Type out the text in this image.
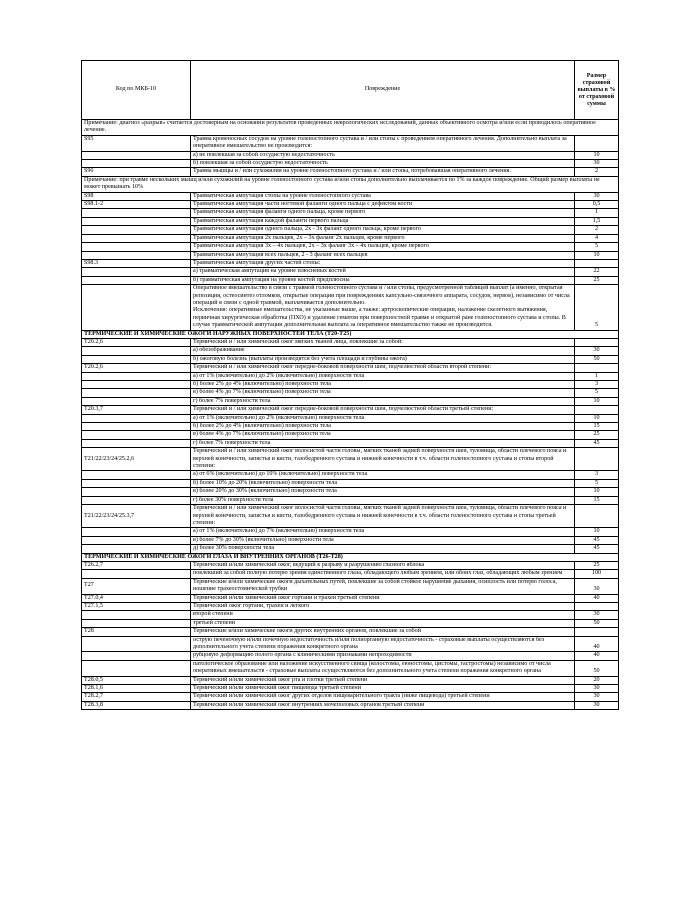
Код по МКБ-10	Повреждение	Размер страховой выплаты в % от страховой суммы
Примечание: диагноз «разрыв» считается достоверным на основании результатов проведенных неврологических исследований, данных объективного осмотра и/или если проводилось оперативное лечение.		
S95	Травма кровеносных сосудов на уровне голеностопного сустава и / или стопы с проведением оперативного лечения. Дополнительно выплата за оперативное вмешательство не производится:	
	а) не повлекшая за собой сосудистую недостаточность	10
	б) повлекшая за собой сосудистую недостаточность	30
S96	Травма мышцы и / или сухожилия на уровне голеностопного сустава и / или стопы, потребовавшая оперативного лечения.	2
Примечание: при травме нескольких мышц и/или сухожилий на уровне голеностопного сустава и/или стопы дополнительно выплачивается по 1% за каждое повреждение. Общий размер выплаты не может превышать 10%		
S98	Травматическая ампутация стопы на уровне голеностопного сустава	30
S98.1-2	Травматическая ампутация части ногтевой фаланги одного пальца с дефектом кости	0,5
	Травматическая ампутация фаланги одного пальца, кроме первого	1
	Травматическая ампутация каждой фаланги первого пальца	1,5
	Травматическая ампутация одного пальца, 2х - 3х фаланг одного пальца, кроме первого	2
	Травматическая ампутация 2х пальцев, 2х – 3х фаланг 2х пальцев, кроме первого	4
	Травматическая ампутация 3х – 4х пальцев, 2х – 3х фаланг 3х – 4х пальцев, кроме первого	5
	Травматическая ампутация всех пальцев, 2 - 3 фаланг всех пальцев	10
S98.3	Травматическая ампутация других частей стопы:	
	а) травматическая ампутация на уровне плюсневых костей	22
	б) травматическая ампутация на уровне костей предплюсны	25
	Оперативное вмешательство в связи с травмой голеностопного сустава и / или стопы, предусмотренной таблицей выплат (а именно, открытая репозиция, остеосинтез отломков, открытые операции при повреждениях капсульно-связочного аппарата, сосудов, нервов), независимо от числа операций в связи с одной травмой, выплачивается дополнительно.
Исключения: оперативные вмешательства, не указанные выше, а также: артроскопические операции, наложение скелетного вытяжения, первичная хирургическая обработка (ПХО) и удаление гематом при поверхностной травме и открытой ране голеностопного сустава и стопы. В случае травматической ампутации дополнительная выплата за оперативное вмешательство также не производится.	5
ТЕРМИЧЕСКИЕ И ХИМИЧЕСКИЕ ОЖОГИ НАРУЖНЫХ ПОВЕРХНОСТЕЙ ТЕЛА (Т20-Т25)		
Т20.2,6	Термический и / или химический ожог мягких тканей лица, повлекшие за собой:	
	а) обезображивание	30
	б) ожоговую болезнь (выплаты производятся без учета площади и глубины ожога)	50
Т20.2,6	Термический и / или химический ожог передне-боковой поверхности шеи, подчелюстной области второй степени:	
	а) от 1% (включительно) до 2% (включительно) поверхности тела	1
	б) более 2% до 4% (включительно) поверхности тела	3
	в) более 4% до 7% (включительно) поверхности тела	5
	г) более 7% поверхности тела	10
Т20.3,7	Термический и / или химический ожог передне-боковой поверхности шеи, подчелюстной области третьей степени:	
	а) от 1% (включительно) до 2% (включительно) поверхности тела	10
	б) более 2% до 4% (включительно) поверхности тела	15
	в) более 4% до 7% (включительно) поверхности тела	25
	г) более 7% поверхности тела	45
Т21/22/23/24/25.2,6	Термический и / или химический ожог волосистой части головы, мягких тканей задней поверхности шеи, туловища, области плечевого пояса и верхней конечности, запястья и кисти, тазобедренного сустава и нижней конечности в т.ч. области голеностопного сустава и стопы второй степени:	
	а) от 6% (включительно) до 10% (включительно) поверхности тела	3
	б) более 10% до 20% (включительно) поверхности тела	5
	в) более 20% до 30% (включительно) поверхности тела	10
	г) более 30% поверхности тела	15
Т21/22/23/24/25.3,7	Термический и / или химический ожог волосистой части головы, мягких тканей задней поверхности шеи, туловища, области плечевого пояса и верхней конечности, запястья и кисти, тазобедренного сустава и нижней конечности в т.ч. области голеностопного сустава и стопы третьей степени:	
	а) от 1% (включительно) до 7% (включительно) поверхности тела	10
	в) более 7% до 30% (включительно) поверхности тела	45
	д) более 30% поверхности тела	45
ТЕРМИЧЕСКИЕ И ХИМИЧЕСКИЕ ОЖОГИ ГЛАЗА И ВНУТРЕННИХ ОРГАНОВ (Т26-Т28)		
Т26.2,7	Термический и/или химический ожог, ведущий к разрыву и разрушению глазного яблока	25
	повлекший за собой полную потерю зрения единственного глаза, обладающего любым зрением, или обоих глаз, обладающих любым зрением	100
Т27	Термические и/или химические ожоги дыхательных путей, повлекшие за собой стойкое нарушение дыхания, осиплость или потерю голоса, ношение трахеостомической трубки	30
Т27.0,4	Термический и/или химический ожог гортани и трахеи третьей степени	40
Т27.1,5	Термический ожог гортани, трахеи и легкого	
	второй степени	30
	третьей степени	50
Т28	Термические и/или химические ожоги других внутренних органов, повлекшие за собой	
	острую печеночную и/или почечную недостаточность и/или полиорганную недостаточность - страховые выплаты осуществляются без дополнительного учета степени поражения конкретного органа	40
	рубцовую деформацию полого органа с клиническими признаками непроходимости	40
	патологическое образование или наложение искусственного свища (колостомы, еюностомы, цистомы, гастростомы) независимо от числа оперативных вмешательств - страховые выплаты осуществляются без дополнительного учета степени поражения конкретного органа	50
Т28.0,5	Термический и/или химический ожог рта и глотки третьей степени	20
Т28.1,6	Термический и/или химический ожог пищевода третьей степени	30
Т28.2,7	Термический и/или химический ожог других отделов пищеварительного тракта (ниже пищевода) третьей степени	30
Т28.3,8	Термический и/или химический ожог внутренних мочеполовых органов третьей степени	30
